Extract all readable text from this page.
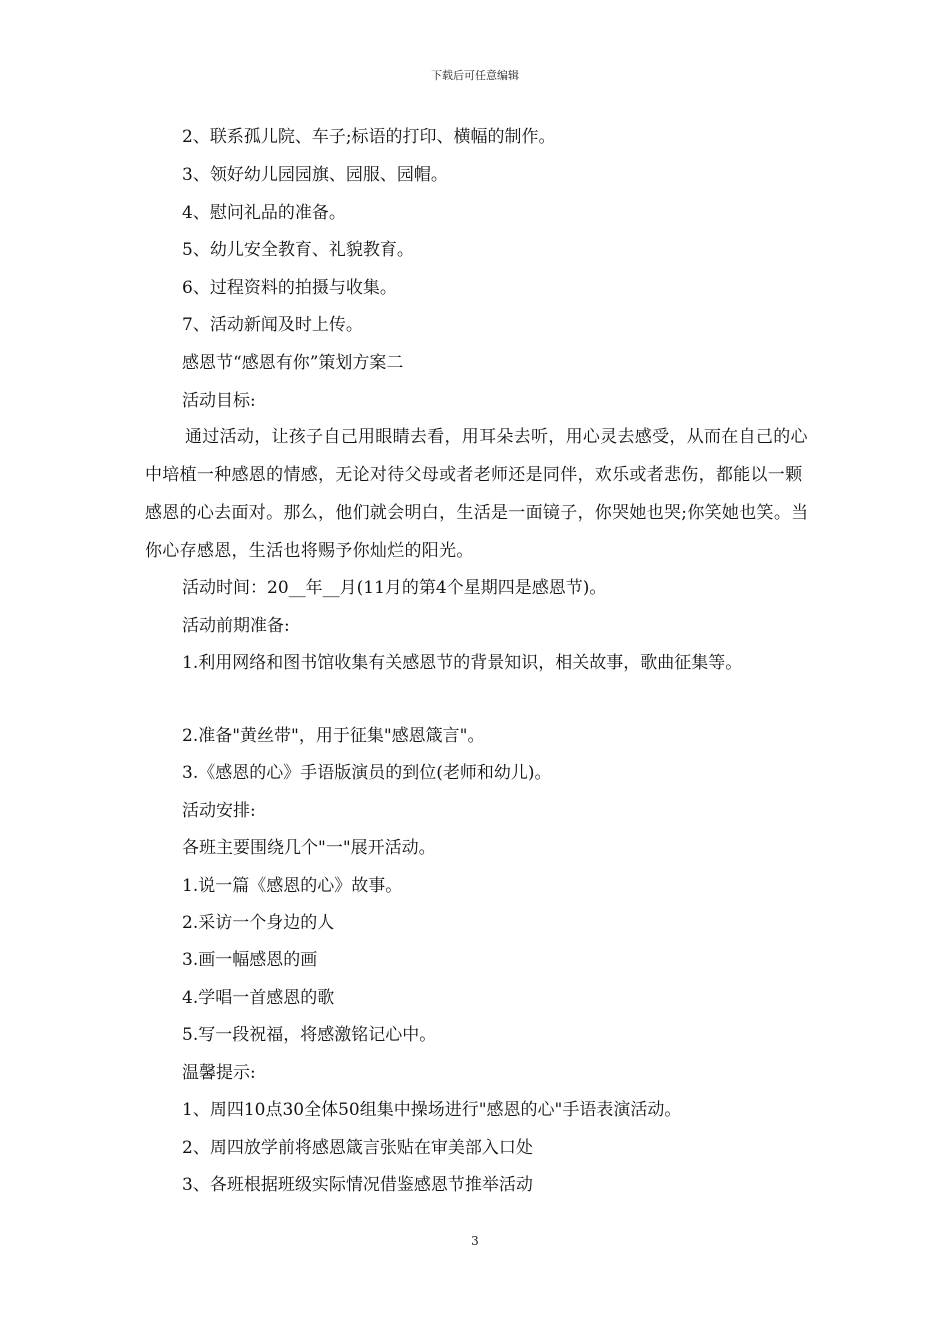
下载后可任意编辑
2、联系孤儿院、车子;标语的打印、横幅的制作。
3、领好幼儿园园旗、园服、园帽。
4、慰问礼品的准备。
5、幼儿安全教育、礼貌教育。
6、过程资料的拍摄与收集。
7、活动新闻及时上传。
感恩节“感恩有你”策划方案二
活动目标:
通过活动，让孩子自己用眼睛去看，用耳朵去听，用心灵去感受，从而在自己的心中培植一种感恩的情感，无论对待父母或者老师还是同伴，欢乐或者悲伤，都能以一颗感恩的心去面对。那么，他们就会明白，生活是一面镜子，你哭她也哭;你笑她也笑。当你心存感恩，生活也将赐予你灿烂的阳光。
活动时间：20__年__月(11月的第4个星期四是感恩节)。
活动前期准备:
1.利用网络和图书馆收集有关感恩节的背景知识，相关故事，歌曲征集等。
2.准备"黄丝带"，用于征集"感恩箴言"。
3.《感恩的心》手语版演员的到位(老师和幼儿)。
活动安排:
各班主要围绕几个"一"展开活动。
1.说一篇《感恩的心》故事。
2.采访一个身边的人
3.画一幅感恩的画
4.学唱一首感恩的歌
5.写一段祝福，将感激铭记心中。
温馨提示:
1、周四10点30全体50组集中操场进行"感恩的心"手语表演活动。
2、周四放学前将感恩箴言张贴在审美部入口处
3、各班根据班级实际情况借鉴感恩节推举活动
3
